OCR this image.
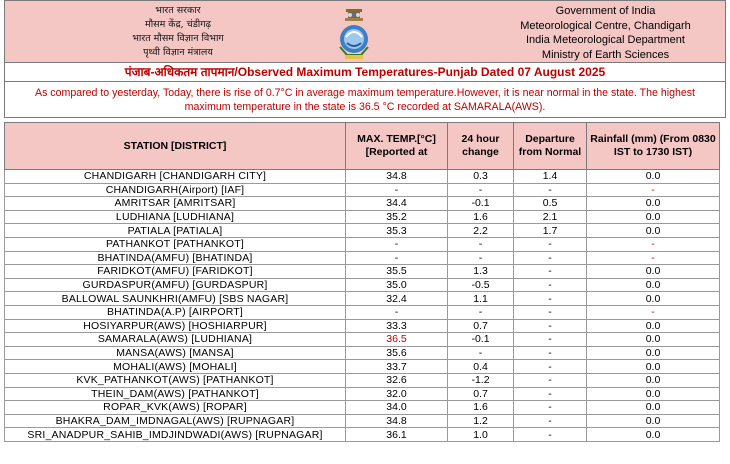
भारत सरकार
मौसम केंद्र, चंडीगढ़
भारत मौसम विज्ञान विभाग
पृथ्वी विज्ञान मंत्रालय
Government of India
Meteorological Centre, Chandigarh
India Meteorological Department
Ministry of Earth Sciences
पंजाब-अधिकतम तापमान/Observed Maximum Temperatures-Punjab Dated 07 August 2025
As compared to yesterday, Today, there is rise of 0.7°C in average maximum temperature.However, it is near normal in the state. The highest maximum temperature in the state is 36.5 °C recorded at SAMARALA(AWS).
STATION [DISTRICT]	MAX. TEMP.[°C] [Reported at	24 hour change	Departure from Normal	Rainfall (mm) (From 0830 IST to 1730 IST)
CHANDIGARH [CHANDIGARH CITY]	34.8	0.3	1.4	0.0
CHANDIGARH(Airport) [IAF]	-	-	-	-
AMRITSAR [AMRITSAR]	34.4	-0.1	0.5	0.0
LUDHIANA [LUDHIANA]	35.2	1.6	2.1	0.0
PATIALA [PATIALA]	35.3	2.2	1.7	0.0
PATHANKOT [PATHANKOT]	-	-	-	-
BHATINDA(AMFU) [BHATINDA]	-	-	-	-
FARIDKOT(AMFU) [FARIDKOT]	35.5	1.3	-	0.0
GURDASPUR(AMFU) [GURDASPUR]	35.0	-0.5	-	0.0
BALLOWAL SAUNKHRI(AMFU) [SBS NAGAR]	32.4	1.1	-	0.0
BHATINDA(A.P) [AIRPORT]	-	-	-	-
HOSIYARPUR(AWS) [HOSHIARPUR]	33.3	0.7	-	0.0
SAMARALA(AWS) [LUDHIANA]	36.5	-0.1	-	0.0
MANSA(AWS) [MANSA]	35.6	-	-	0.0
MOHALI(AWS) [MOHALI]	33.7	0.4	-	0.0
KVK_PATHANKOT(AWS) [PATHANKOT]	32.6	-1.2	-	0.0
THEIN_DAM(AWS) [PATHANKOT]	32.0	0.7	-	0.0
ROPAR_KVK(AWS) [ROPAR]	34.0	1.6	-	0.0
BHAKRA_DAM_IMDNAGAL(AWS) [RUPNAGAR]	34.8	1.2	-	0.0
SRI_ANADPUR_SAHIB_IMDJINDWADI(AWS) [RUPNAGAR]	36.1	1.0	-	0.0
